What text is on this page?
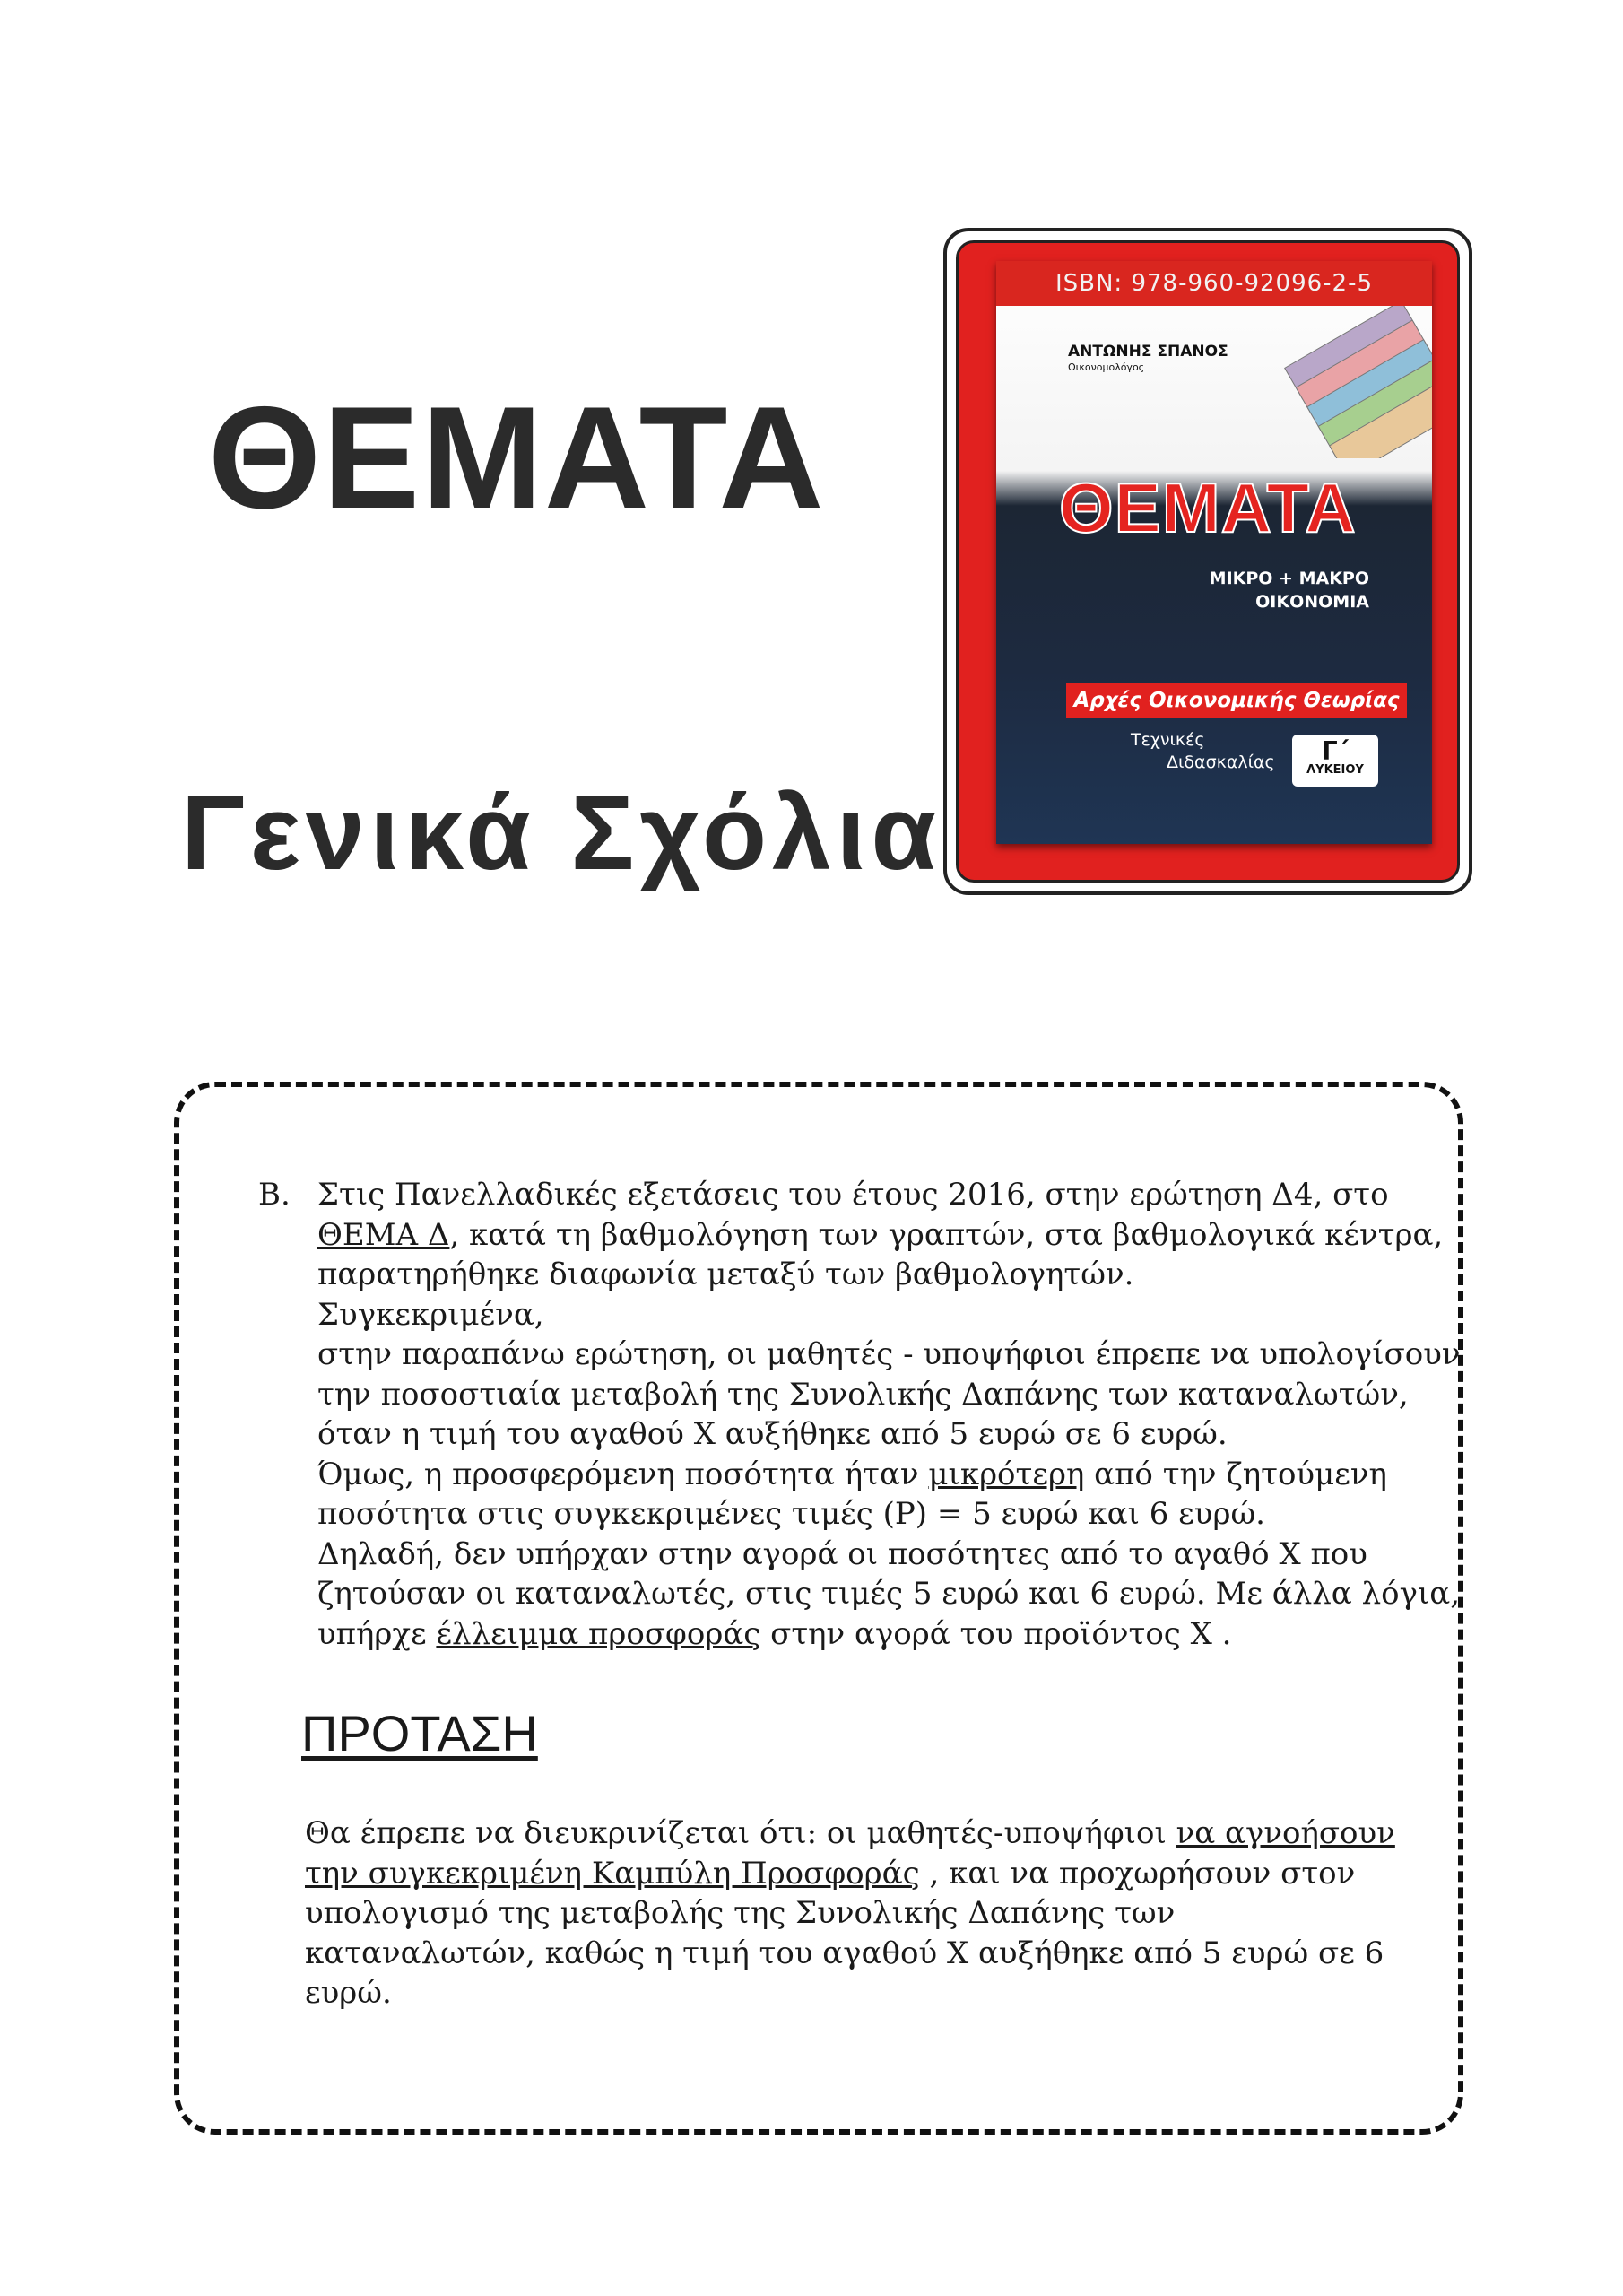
ΘΕΜΑΤΑ
Γενικά Σχόλια
ISBN: 978-960-92096-2-5
ΑΝΤΩΝΗΣ ΣΠΑΝΟΣ
Οικονομολόγος
ΘΕΜΑΤΑ
ΜΙΚΡΟ + ΜΑΚΡΟ
ΟΙΚΟΝΟΜΙΑ
Αρχές Οικονομικής Θεωρίας
Τεχνικές
Διδασκαλίας	Γ΄
ΛΥΚΕΙΟΥ
Β. Στις Πανελλαδικές εξετάσεις του έτους 2016, στην ερώτηση Δ4, στο ΘΕΜΑ Δ, κατά τη βαθμολόγηση των γραπτών, στα βαθμολογικά κέντρα, παρατηρήθηκε διαφωνία μεταξύ των βαθμολογητών.

Συγκεκριμένα,

στην παραπάνω ερώτηση, οι μαθητές - υποψήφιοι έπρεπε να υπολογίσουν την ποσοστιαία μεταβολή της Συνολικής Δαπάνης των καταναλωτών, όταν η τιμή του αγαθού Χ αυξήθηκε από 5 ευρώ σε 6 ευρώ.

Όμως, η προσφερόμενη ποσότητα ήταν μικρότερη από την ζητούμενη ποσότητα στις συγκεκριμένες τιμές (Ρ) = 5 ευρώ και 6 ευρώ.

Δηλαδή, δεν υπήρχαν στην αγορά οι ποσότητες από το αγαθό Χ που ζητούσαν οι καταναλωτές, στις τιμές 5 ευρώ και 6 ευρώ. Με άλλα λόγια, υπήρχε έλλειμμα προσφοράς στην αγορά του προϊόντος Χ .

ΠΡΟΤΑΣΗ

Θα έπρεπε να διευκρινίζεται ότι: οι μαθητές-υποψήφιοι να αγνοήσουν την συγκεκριμένη Καμπύλη Προσφοράς , και να προχωρήσουν στον υπολογισμό της μεταβολής της Συνολικής Δαπάνης των καταναλωτών, καθώς η τιμή του αγαθού Χ αυξήθηκε από 5 ευρώ σε 6 ευρώ.
